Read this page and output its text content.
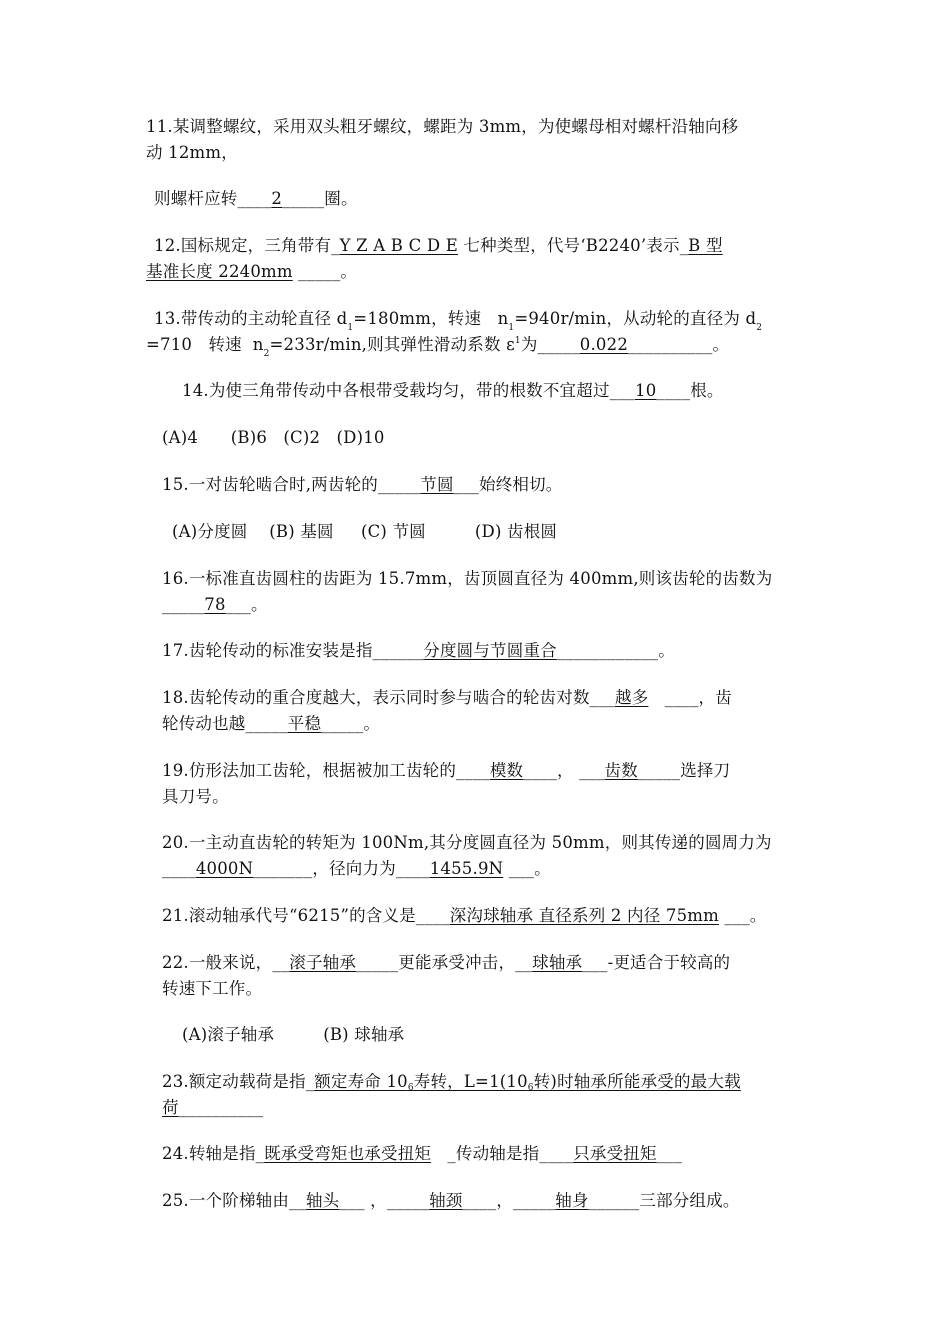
11.某调整螺纹，采用双头粗牙螺纹，螺距为 3mm，为使螺母相对螺杆沿轴向移
动 12mm，
则螺杆应转____2_____圈。
12.国标规定，三角带有_Y Z A B C D E 七种类型，代号‘B2240’表示_B 型
基准长度 2240mm _____。
13.带传动的主动轮直径 $d_1=180mm$，转速 $n_1=940r/\min$，从动轮的直径为 $d_2$
=710 转速 $n_2=233r/\min$,则其弹性滑动系数 $\varepsilon^1$为_____0.022__________。
14.为使三角带传动中各根带受载均匀，带的根数不宜超过___10____根。
(A)4      (B)6   (C)2   (D)10
15.一对齿轮啮合时,两齿轮的_____节圆___始终相切。
(A)分度圆    (B) 基圆     (C) 节圆         (D) 齿根圆
16.一标准直齿圆柱的齿距为 15.7mm，齿顶圆直径为 400mm,则该齿轮的齿数为
_____78___。
17.齿轮传动的标准安装是指______分度圆与节圆重合____________。
18.齿轮传动的重合度越大，表示同时参与啮合的轮齿对数___越多   ____，齿
轮传动也越_____平稳_____。
19.仿形法加工齿轮，根据被加工齿轮的____模数____， ___齿数_____选择刀
具刀号。
20.一主动直齿轮的转矩为 100Nm,其分度圆直径为 50mm，则其传递的圆周力为
____4000N_______，径向力为____1455.9N ___。
21.滚动轴承代号“6215”的含义是____深沟球轴承 直径系列 2 内径 75mm ___。
22.一般来说，__滚子轴承_____更能承受冲击，__球轴承___-更适合于较高的
转速下工作。
(A)滚子轴承         (B) 球轴承
23.额定动载荷是指_额定寿命 106寿转，L=1(106转)时轴承所能承受的最大载
荷__________
24.转轴是指_既承受弯矩也承受扭矩   _传动轴是指____只承受扭矩___
25.一个阶梯轴由__轴头___ ，_____轴颈____，_____轴身______三部分组成。
